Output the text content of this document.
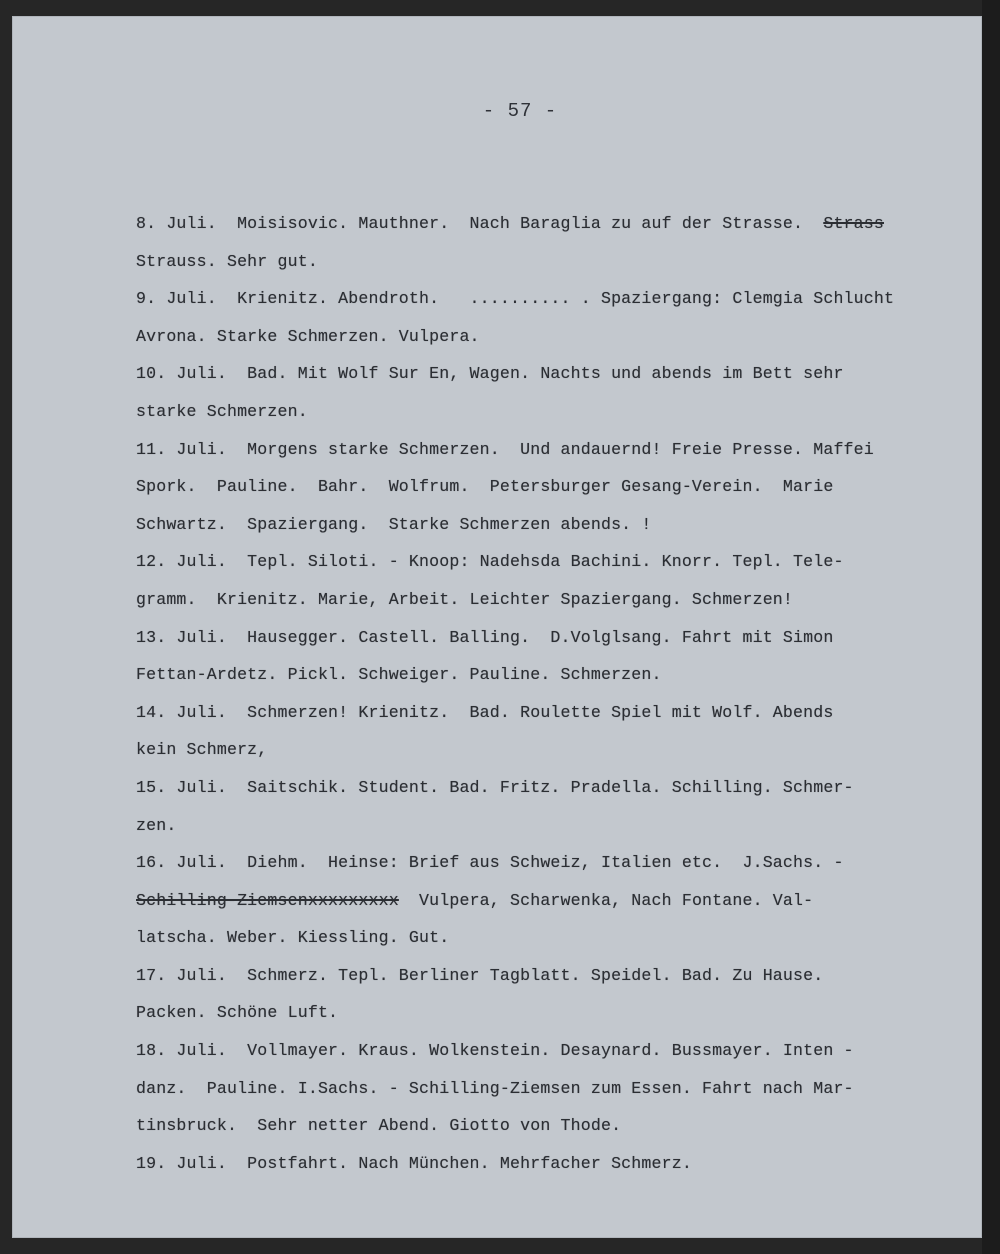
- 57 -
8. Juli.  Moisisovic. Mauthner.  Nach Baraglia zu auf der Strasse.  Strass
Strauss. Sehr gut.
9. Juli.  Krienitz. Abendroth.   .......... . Spaziergang: Clemgia Schlucht
Avrona. Starke Schmerzen. Vulpera.
10. Juli.  Bad. Mit Wolf Sur En, Wagen. Nachts und abends im Bett sehr
starke Schmerzen.
11. Juli.  Morgens starke Schmerzen.  Und andauernd! Freie Presse. Maffei
Spork.  Pauline.  Bahr.  Wolfrum.  Petersburger Gesang-Verein.  Marie
Schwartz.  Spaziergang.  Starke Schmerzen abends. !
12. Juli.  Tepl. Siloti. - Knoop: Nadehsda Bachini. Knorr. Tepl. Tele-
gramm.  Krienitz. Marie, Arbeit. Leichter Spaziergang. Schmerzen!
13. Juli.  Hausegger. Castell. Balling.  D.Volglsang. Fahrt mit Simon
Fettan-Ardetz. Pickl. Schweiger. Pauline. Schmerzen.
14. Juli.  Schmerzen! Krienitz.  Bad. Roulette Spiel mit Wolf. Abends
kein Schmerz,
15. Juli.  Saitschik. Student. Bad. Fritz. Pradella. Schilling. Schmer-
zen.
16. Juli.  Diehm.  Heinse: Brief aus Schweiz, Italien etc.  J.Sachs. -
Schilling-Ziemsenxxxxxxxxx  Vulpera, Scharwenka, Nach Fontane. Val-
latscha. Weber. Kiessling. Gut.
17. Juli.  Schmerz. Tepl. Berliner Tagblatt. Speidel. Bad. Zu Hause.
Packen. Schöne Luft.
18. Juli.  Vollmayer. Kraus. Wolkenstein. Desaynard. Bussmayer. Inten -
danz.  Pauline. I.Sachs. - Schilling-Ziemsen zum Essen. Fahrt nach Mar-
tinsbruck.  Sehr netter Abend. Giotto von Thode.
19. Juli.  Postfahrt. Nach München. Mehrfacher Schmerz.
